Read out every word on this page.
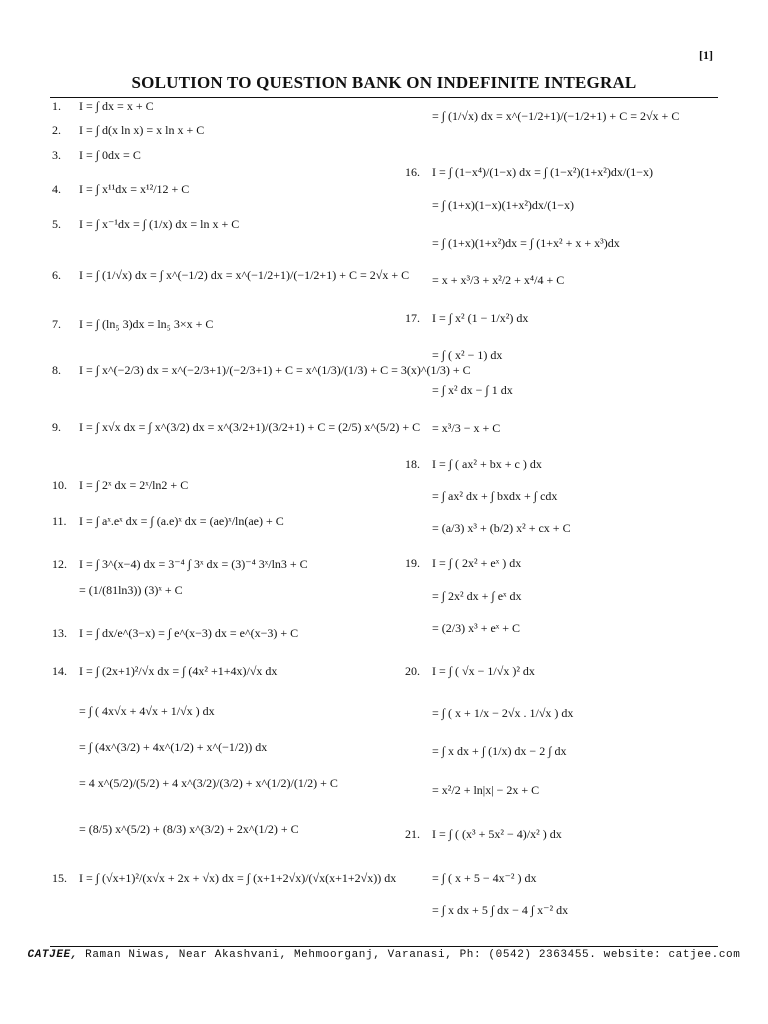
[1]
SOLUTION TO QUESTION BANK ON INDEFINITE INTEGRAL
1. I = ∫ dx = x + C
2. I = ∫ d(x ln x) = x ln x + C
3. I = ∫ 0dx = C
4. I = ∫ x¹¹dx = x¹²/12 + C
5. I = ∫ x⁻¹dx = ∫ (1/x) dx = ln x + C
6. I = ∫ (1/√x) dx = ∫ x^(−1/2) dx = x^(−1/2+1)/(−1/2+1) + C = 2√x + C
7. I = ∫ (ln₅ 3)dx = ln₅ 3×x + C
8. I = ∫ x^(−2/3) dx = x^(−2/3+1)/(−2/3+1) + C = x^(1/3)/(1/3) + C = 3(x)^(1/3) + C
9. I = ∫ x√x dx = ∫ x^(3/2) dx = x^(3/2+1)/(3/2+1) + C = (2/5) x^(5/2) + C
10. I = ∫ 2ˣ dx = 2ˣ/ln2 + C
11. I = ∫ aˣ.eˣ dx = ∫ (a.e)ˣ dx = (ae)ˣ/ln(ae) + C
12. I = ∫ 3^(x−4) dx = 3⁻⁴ ∫ 3ˣ dx = (3)⁻⁴ 3ˣ/ln3 + C
= (1/(81ln3)) (3)ˣ + C
13. I = ∫ dx/e^(3−x) = ∫ e^(x−3) dx = e^(x−3) + C
14. I = ∫ (2x+1)²/√x dx = ∫ (4x² +1+4x)/√x dx
= ∫ ( 4x√x + 4√x + 1/√x ) dx
= ∫ (4x^(3/2) + 4x^(1/2) + x^(−1/2)) dx
= 4 x^(5/2)/(5/2) + 4 x^(3/2)/(3/2) + x^(1/2)/(1/2) + C
= (8/5) x^(5/2) + (8/3) x^(3/2) + 2x^(1/2) + C
15. I = ∫ (√x+1)²/(x√x + 2x + √x) dx = ∫ (x+1+2√x)/(√x(x+1+2√x)) dx
= ∫ (1/√x) dx = x^(−1/2+1)/(−1/2+1) + C = 2√x + C
16. I = ∫ (1−x⁴)/(1−x) dx = ∫ (1−x²)(1+x²)dx/(1−x)
= ∫ (1+x)(1−x)(1+x²)dx/(1−x)
= ∫ (1+x)(1+x²)dx = ∫ (1+x² + x + x³)dx
= x + x³/3 + x²/2 + x⁴/4 + C
17. I = ∫ x² (1 − 1/x²) dx
= ∫ ( x² − 1) dx
= ∫ x² dx − ∫ 1 dx
= x³/3 − x + C
18. I = ∫ ( ax² + bx + c ) dx
= ∫ ax² dx + ∫ bxdx + ∫ cdx
= (a/3) x³ + (b/2) x² + cx + C
19. I = ∫ ( 2x² + eˣ ) dx
= ∫ 2x² dx + ∫ eˣ dx
= (2/3) x³ + eˣ + C
20. I = ∫ ( √x − 1/√x )² dx
= ∫ ( x + 1/x − 2√x . 1/√x ) dx
= ∫ x dx + ∫ (1/x) dx − 2 ∫ dx
= x²/2 + ln|x| − 2x + C
21. I = ∫ ( (x³ + 5x² − 4)/x² ) dx
= ∫ ( x + 5 − 4x⁻² ) dx
= ∫ x dx + 5 ∫ dx − 4 ∫ x⁻² dx
CATJEE, Raman Niwas, Near Akashvani, Mehmoorganj, Varanasi, Ph: (0542) 2363455. website: catjee.com
